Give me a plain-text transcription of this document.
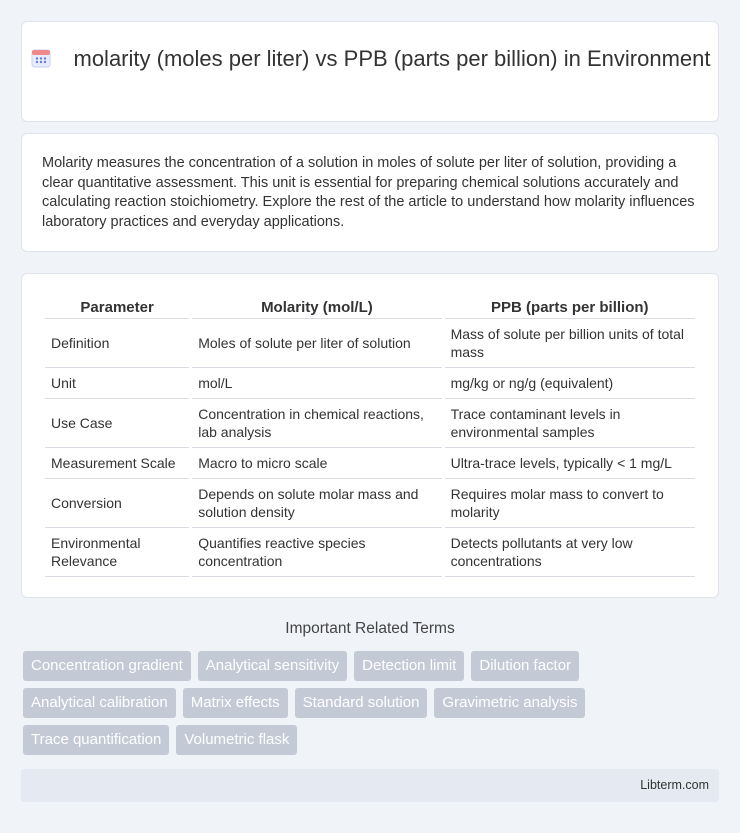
molarity (moles per liter) vs PPB (parts per billion) in Environment

Molarity measures the concentration of a solution in moles of solute per liter of solution, providing a clear quantitative assessment. This unit is essential for preparing chemical solutions accurately and calculating reaction stoichiometry. Explore the rest of the article to understand how molarity influences laboratory practices and everyday applications.

Parameter	Molarity (mol/L)	PPB (parts per billion)
Definition	Moles of solute per liter of solution	Mass of solute per billion units of total mass
Unit	mol/L	mg/kg or ng/g (equivalent)
Use Case	Concentration in chemical reactions, lab analysis	Trace contaminant levels in environmental samples
Measurement Scale	Macro to micro scale	Ultra-trace levels, typically < 1 mg/L
Conversion	Depends on solute molar mass and solution density	Requires molar mass to convert to molarity
Environmental Relevance	Quantifies reactive species concentration	Detects pollutants at very low concentrations
Important Related Terms
Concentration gradient	Analytical sensitivity	Detection limit	Dilution factor
Analytical calibration	Matrix effects	Standard solution	Gravimetric analysis
Trace quantification	Volumetric flask
Libterm.com
